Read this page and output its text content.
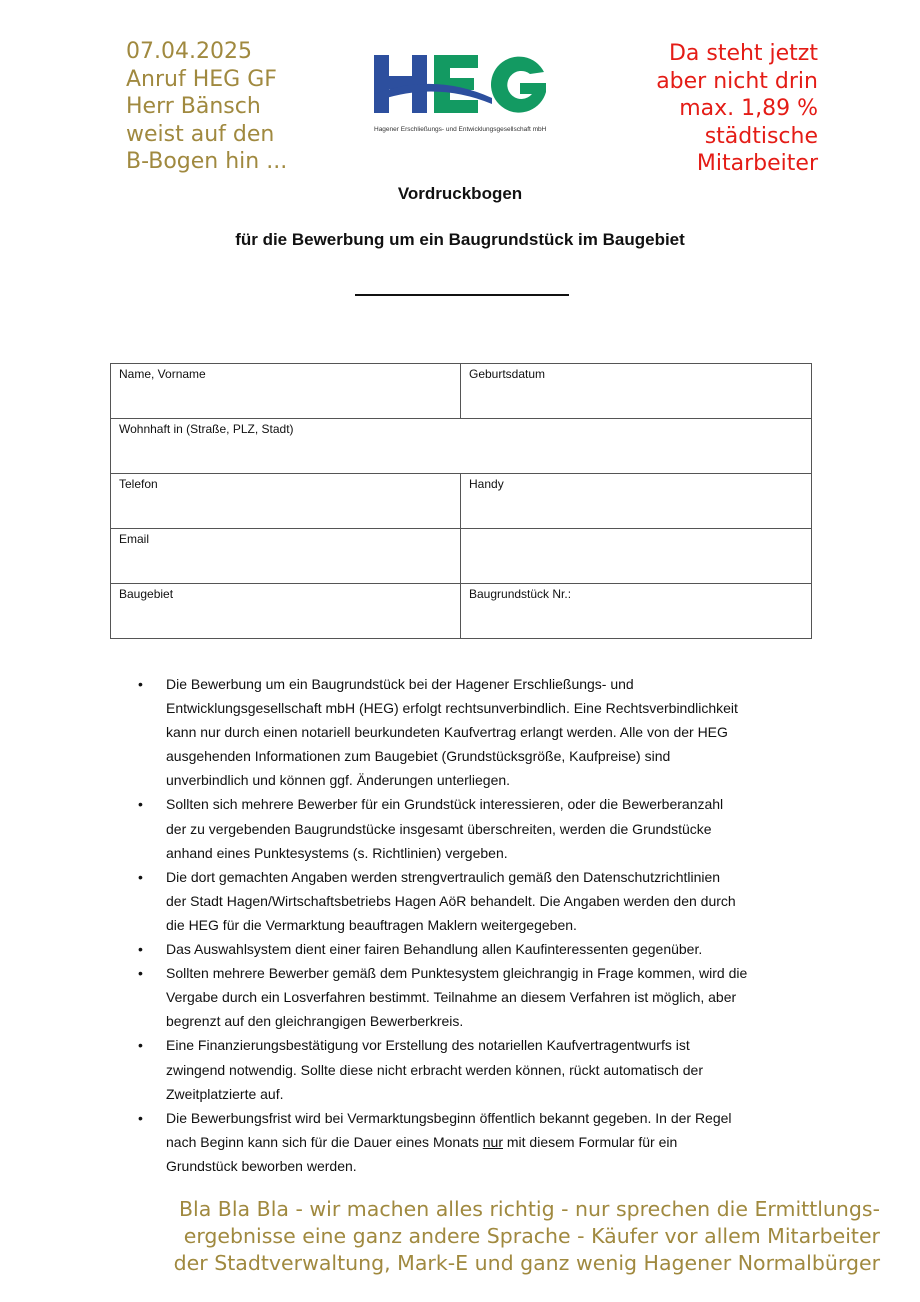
07.04.2025
Anruf HEG GF
Herr Bänsch
weist auf den
B-Bogen hin ...
Hagener Erschließungs- und Entwicklungsgesellschaft mbH
Da steht jetzt
aber nicht drin
max. 1,89 %
städtische
Mitarbeiter
Vordruckbogen
für die Bewerbung um ein Baugrundstück im Baugebiet
Name, Vorname	Geburtsdatum
Wohnhaft in (Straße, PLZ, Stadt)	
Telefon	Handy
Email	
Baugebiet	Baugrundstück Nr.:
• Die Bewerbung um ein Baugrundstück bei der Hagener Erschließungs- und
Entwicklungsgesellschaft mbH (HEG) erfolgt rechtsunverbindlich. Eine Rechtsverbindlichkeit
kann nur durch einen notariell beurkundeten Kaufvertrag erlangt werden. Alle von der HEG
ausgehenden Informationen zum Baugebiet (Grundstücksgröße, Kaufpreise) sind
unverbindlich und können ggf. Änderungen unterliegen.
• Sollten sich mehrere Bewerber für ein Grundstück interessieren, oder die Bewerberanzahl
der zu vergebenden Baugrundstücke insgesamt überschreiten, werden die Grundstücke
anhand eines Punktesystems (s. Richtlinien) vergeben.
• Die dort gemachten Angaben werden strengvertraulich gemäß den Datenschutzrichtlinien
der Stadt Hagen/Wirtschaftsbetriebs Hagen AöR behandelt. Die Angaben werden den durch
die HEG für die Vermarktung beauftragen Maklern weitergegeben.
• Das Auswahlsystem dient einer fairen Behandlung allen Kaufinteressenten gegenüber.
• Sollten mehrere Bewerber gemäß dem Punktesystem gleichrangig in Frage kommen, wird die
Vergabe durch ein Losverfahren bestimmt. Teilnahme an diesem Verfahren ist möglich, aber
begrenzt auf den gleichrangigen Bewerberkreis.
• Eine Finanzierungsbestätigung vor Erstellung des notariellen Kaufvertragentwurfs ist
zwingend notwendig. Sollte diese nicht erbracht werden können, rückt automatisch der
Zweitplatzierte auf.
• Die Bewerbungsfrist wird bei Vermarktungsbeginn öffentlich bekannt gegeben. In der Regel
nach Beginn kann sich für die Dauer eines Monats nur mit diesem Formular für ein
Grundstück beworben werden.
Bla Bla Bla - wir machen alles richtig - nur sprechen die Ermittlungs-
ergebnisse eine ganz andere Sprache - Käufer vor allem Mitarbeiter
der Stadtverwaltung, Mark-E und ganz wenig Hagener Normalbürger
